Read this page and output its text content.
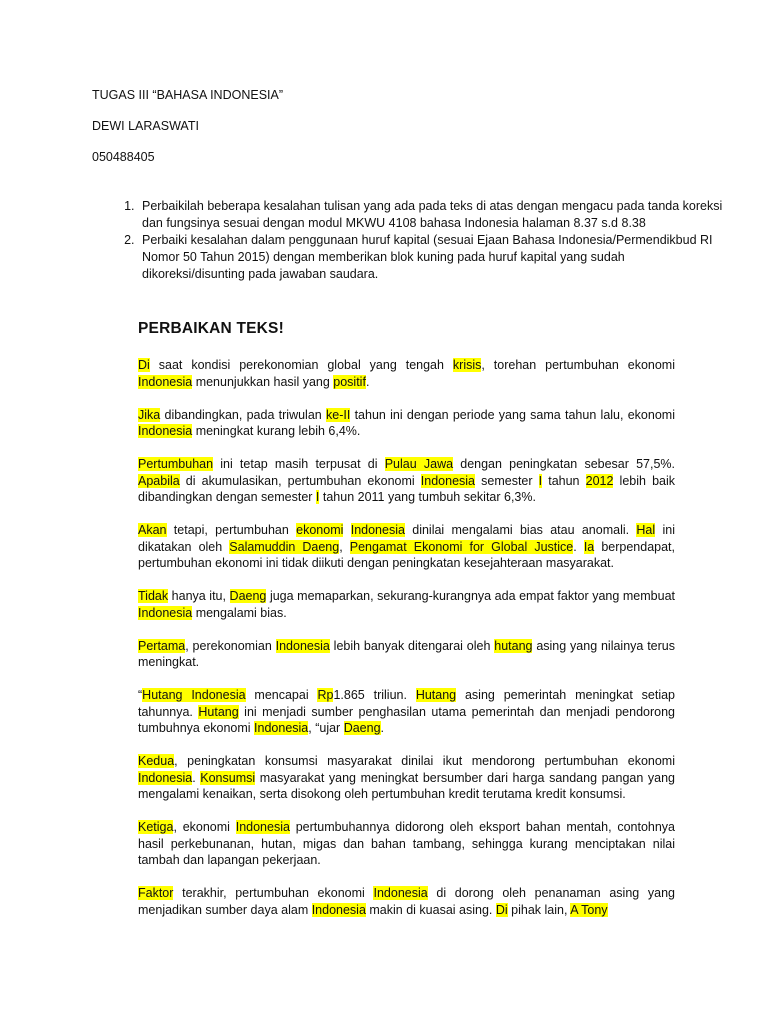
TUGAS III “BAHASA INDONESIA”
DEWI LARASWATI
050488405
1. Perbaikilah beberapa kesalahan tulisan yang ada pada teks di atas dengan mengacu pada tanda koreksi dan fungsinya sesuai dengan modul MKWU 4108 bahasa Indonesia halaman 8.37 s.d 8.38
2. Perbaiki kesalahan dalam penggunaan huruf kapital (sesuai Ejaan Bahasa Indonesia/Permendikbud RI Nomor 50 Tahun 2015) dengan memberikan blok kuning pada huruf kapital yang sudah dikoreksi/disunting pada jawaban saudara.
PERBAIKAN TEKS!

Di saat kondisi perekonomian global yang tengah krisis, torehan pertumbuhan ekonomi Indonesia menunjukkan hasil yang positif.

Jika dibandingkan, pada triwulan ke-II tahun ini dengan periode yang sama tahun lalu, ekonomi Indonesia meningkat kurang lebih 6,4%.

Pertumbuhan ini tetap masih terpusat di Pulau Jawa dengan peningkatan sebesar 57,5%. Apabila di akumulasikan, pertumbuhan ekonomi Indonesia semester I tahun 2012 lebih baik dibandingkan dengan semester I tahun 2011 yang tumbuh sekitar 6,3%.

Akan tetapi, pertumbuhan ekonomi Indonesia dinilai mengalami bias atau anomali. Hal ini dikatakan oleh Salamuddin Daeng, Pengamat Ekonomi for Global Justice. Ia berpendapat, pertumbuhan ekonomi ini tidak diikuti dengan peningkatan kesejahteraan masyarakat.

Tidak hanya itu, Daeng juga memaparkan, sekurang-kurangnya ada empat faktor yang membuat Indonesia mengalami bias.

Pertama, perekonomian Indonesia lebih banyak ditengarai oleh hutang asing yang nilainya terus meningkat.

“Hutang Indonesia mencapai Rp1.865 triliun. Hutang asing pemerintah meningkat setiap tahunnya. Hutang ini menjadi sumber penghasilan utama pemerintah dan menjadi pendorong tumbuhnya ekonomi Indonesia, “ujar Daeng.

Kedua, peningkatan konsumsi masyarakat dinilai ikut mendorong pertumbuhan ekonomi Indonesia. Konsumsi masyarakat yang meningkat bersumber dari harga sandang pangan yang mengalami kenaikan, serta disokong oleh pertumbuhan kredit terutama kredit konsumsi.

Ketiga, ekonomi Indonesia pertumbuhannya didorong oleh eksport bahan mentah, contohnya hasil perkebunanan, hutan, migas dan bahan tambang, sehingga kurang menciptakan nilai tambah dan lapangan pekerjaan.

Faktor terakhir, pertumbuhan ekonomi Indonesia di dorong oleh penanaman asing yang menjadikan sumber daya alam Indonesia makin di kuasai asing. Di pihak lain, A Tony
